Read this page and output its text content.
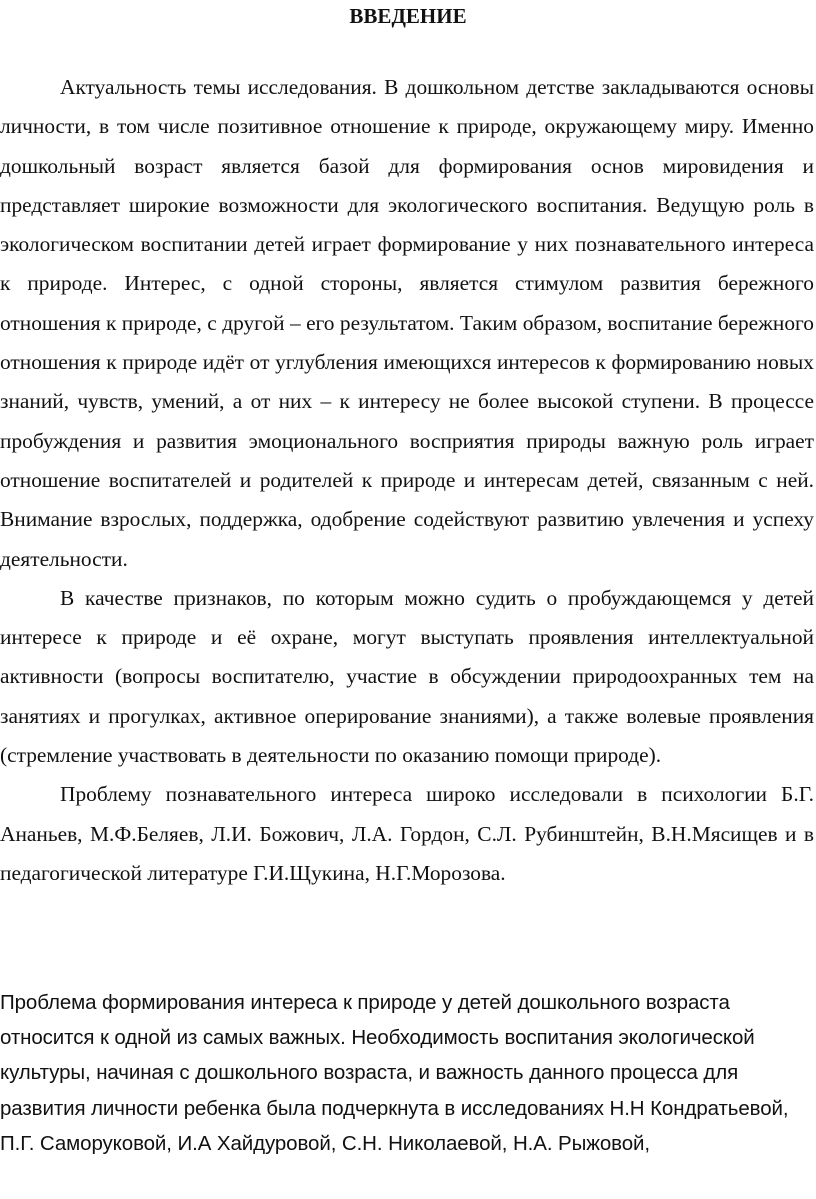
ВВЕДЕНИЕ

Актуальность темы исследования. В дошкольном детстве закладываются основы личности, в том числе позитивное отношение к природе, окружающему миру. Именно дошкольный возраст является базой для формирования основ мировидения и представляет широкие возможности для экологического воспитания. Ведущую роль в экологическом воспитании детей играет формирование у них познавательного интереса к природе. Интерес, с одной стороны, является стимулом развития бережного отношения к природе, с другой – его результатом. Таким образом, воспитание бережного отношения к природе идёт от углубления имеющихся интересов к формированию новых знаний, чувств, умений, а от них – к интересу не более высокой ступени. В процессе пробуждения и развития эмоционального восприятия природы важную роль играет отношение воспитателей и родителей к природе и интересам детей, связанным с ней. Внимание взрослых, поддержка, одобрение содействуют развитию увлечения и успеху деятельности.

В качестве признаков, по которым можно судить о пробуждающемся у детей интересе к природе и её охране, могут выступать проявления интеллектуальной активности (вопросы воспитателю, участие в обсуждении природоохранных тем на занятиях и прогулках, активное оперирование знаниями), а также волевые проявления (стремление участвовать в деятельности по оказанию помощи природе).

Проблему познавательного интереса широко исследовали в психологии Б.Г. Ананьев, М.Ф.Беляев, Л.И. Божович, Л.А. Гордон, С.Л. Рубинштейн, В.Н.Мясищев и в педагогической литературе Г.И.Щукина, Н.Г.Морозова.

Проблема формирования интереса к природе у детей дошкольного возраста относится к одной из самых важных. Необходимость воспитания экологической культуры, начиная с дошкольного возраста, и важность данного процесса для развития личности ребенка была подчеркнута в исследованиях Н.Н Кондратьевой, П.Г. Саморуковой, И.А Хайдуровой, С.Н. Николаевой, Н.А. Рыжовой,
